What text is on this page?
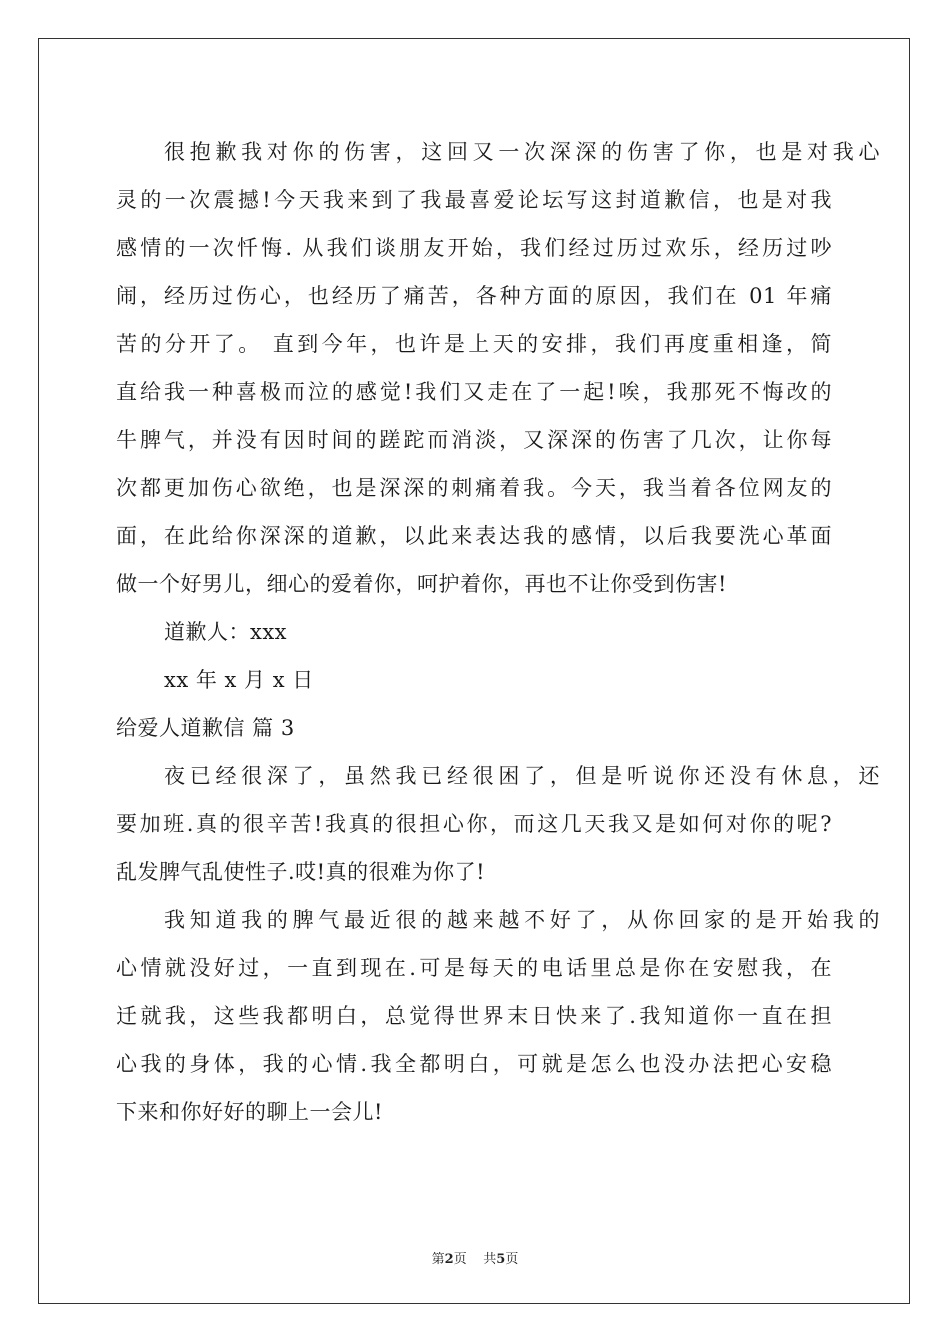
很抱歉我对你的伤害，这回又一次深深的伤害了你，也是对我心
灵的一次震撼!今天我来到了我最喜爱论坛写这封道歉信，也是对我
感情的一次忏悔. 从我们谈朋友开始，我们经过历过欢乐，经历过吵
闹，经历过伤心，也经历了痛苦，各种方面的原因，我们在 01 年痛
苦的分开了。 直到今年，也许是上天的安排，我们再度重相逢，简
直给我一种喜极而泣的感觉!我们又走在了一起!唉，我那死不悔改的
牛脾气，并没有因时间的蹉跎而消淡，又深深的伤害了几次，让你每
次都更加伤心欲绝，也是深深的刺痛着我。今天，我当着各位网友的
面，在此给你深深的道歉，以此来表达我的感情，以后我要洗心革面
做一个好男儿，细心的爱着你，呵护着你，再也不让你受到伤害!
道歉人：xxx
xx 年 x 月 x 日
给爱人道歉信 篇 3
夜已经很深了，虽然我已经很困了，但是听说你还没有休息，还
要加班.真的很辛苦!我真的很担心你，而这几天我又是如何对你的呢?
乱发脾气乱使性子.哎!真的很难为你了!
我知道我的脾气最近很的越来越不好了，从你回家的是开始我的
心情就没好过，一直到现在.可是每天的电话里总是你在安慰我，在
迁就我，这些我都明白，总觉得世界末日快来了.我知道你一直在担
心我的身体，我的心情.我全都明白，可就是怎么也没办法把心安稳
下来和你好好的聊上一会儿!
第2页 共5页
